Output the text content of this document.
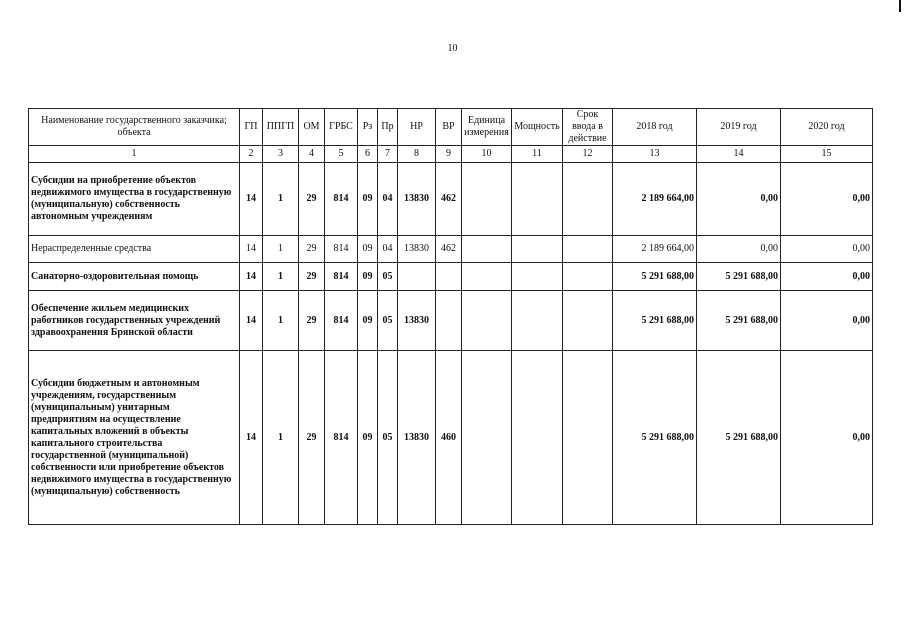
10
Наименование государственного заказчика; объекта	ГП	ППГП	ОМ	ГРБС	Рз	Пр	НР	ВР	Единица измерения	Мощность	Срок ввода в действие	2018 год	2019 год	2020 год
1	2	3	4	5	6	7	8	9	10	11	12	13	14	15
Субсидии на приобретение объектов недвижимого имущества в государственную (муниципальную) собственность автономным учреждениям	14	1	29	814	09	04	13830	462				2 189 664,00	0,00	0,00
Нераспределенные средства	14	1	29	814	09	04	13830	462				2 189 664,00	0,00	0,00
Санаторно-оздоровительная помощь	14	1	29	814	09	05						5 291 688,00	5 291 688,00	0,00
Обеспечение жильем медицинских работников государственных учреждений здравоохранения Брянской области	14	1	29	814	09	05	13830					5 291 688,00	5 291 688,00	0,00
Субсидии бюджетным и автономным учреждениям, государственным (муниципальным) унитарным предприятиям на осуществление капитальных вложений в объекты капитального строительства государственной (муниципальной) собственности или приобретение объектов недвижимого имущества в государственную (муниципальную) собственность	14	1	29	814	09	05	13830	460				5 291 688,00	5 291 688,00	0,00
